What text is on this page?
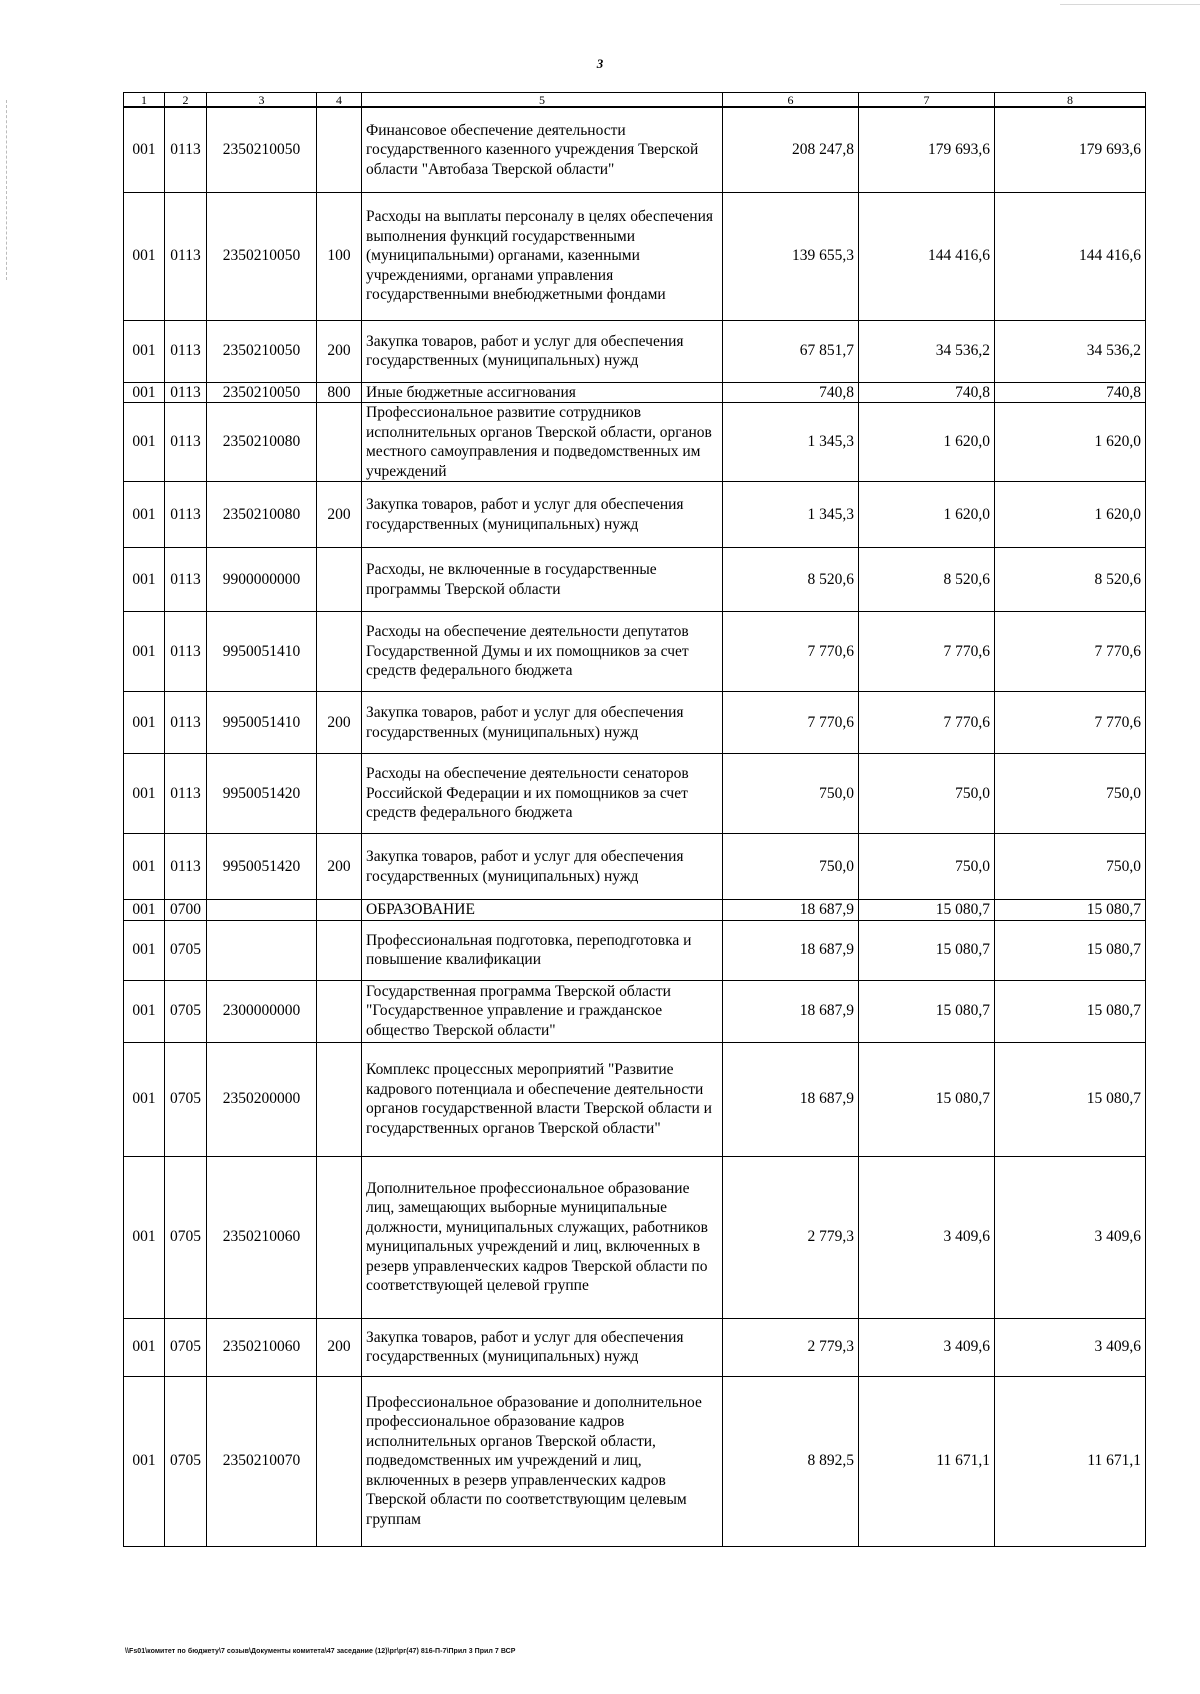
3
1	2	3	4	5	6	7	8
001	0113	2350210050		Финансовое обеспечение деятельности государственного казенного учреждения Тверской области "Автобаза Тверской области"	208 247,8	179 693,6	179 693,6
001	0113	2350210050	100	Расходы на выплаты персоналу в целях обеспечения выполнения функций государственными (муниципальными) органами, казенными учреждениями, органами управления государственными внебюджетными фондами	139 655,3	144 416,6	144 416,6
001	0113	2350210050	200	Закупка товаров, работ и услуг для обеспечения государственных (муниципальных) нужд	67 851,7	34 536,2	34 536,2
001	0113	2350210050	800	Иные бюджетные ассигнования	740,8	740,8	740,8
001	0113	2350210080		Профессиональное развитие сотрудников исполнительных органов Тверской области, органов местного самоуправления и подведомственных им учреждений	1 345,3	1 620,0	1 620,0
001	0113	2350210080	200	Закупка товаров, работ и услуг для обеспечения государственных (муниципальных) нужд	1 345,3	1 620,0	1 620,0
001	0113	9900000000		Расходы, не включенные в государственные программы Тверской области	8 520,6	8 520,6	8 520,6
001	0113	9950051410		Расходы на обеспечение деятельности депутатов Государственной Думы и их помощников за счет средств федерального бюджета	7 770,6	7 770,6	7 770,6
001	0113	9950051410	200	Закупка товаров, работ и услуг для обеспечения государственных (муниципальных) нужд	7 770,6	7 770,6	7 770,6
001	0113	9950051420		Расходы на обеспечение деятельности сенаторов Российской Федерации и их помощников за счет средств федерального бюджета	750,0	750,0	750,0
001	0113	9950051420	200	Закупка товаров, работ и услуг для обеспечения государственных (муниципальных) нужд	750,0	750,0	750,0
001	0700			ОБРАЗОВАНИЕ	18 687,9	15 080,7	15 080,7
001	0705			Профессиональная подготовка, переподготовка и повышение квалификации	18 687,9	15 080,7	15 080,7
001	0705	2300000000		Государственная программа Тверской области "Государственное управление и гражданское общество Тверской области"	18 687,9	15 080,7	15 080,7
001	0705	2350200000		Комплекс процессных мероприятий "Развитие кадрового потенциала и обеспечение деятельности органов государственной власти Тверской области и государственных органов Тверской области"	18 687,9	15 080,7	15 080,7
001	0705	2350210060		Дополнительное профессиональное образование лиц, замещающих выборные муниципальные должности, муниципальных служащих, работников муниципальных учреждений и лиц, включенных в резерв управленческих кадров Тверской области по соответствующей целевой группе	2 779,3	3 409,6	3 409,6
001	0705	2350210060	200	Закупка товаров, работ и услуг для обеспечения государственных (муниципальных) нужд	2 779,3	3 409,6	3 409,6
001	0705	2350210070		Профессиональное образование и дополнительное профессиональное образование кадров исполнительных органов Тверской области, подведомственных им учреждений и лиц, включенных в резерв управленческих кадров Тверской области по соответствующим целевым группам	8 892,5	11 671,1	11 671,1
\\Fs01\комитет по бюджету\7 созыв\Документы комитета\47 заседание (12)\рг\рг(47) 816-П-7\Прил 3 Прил 7 ВСР
